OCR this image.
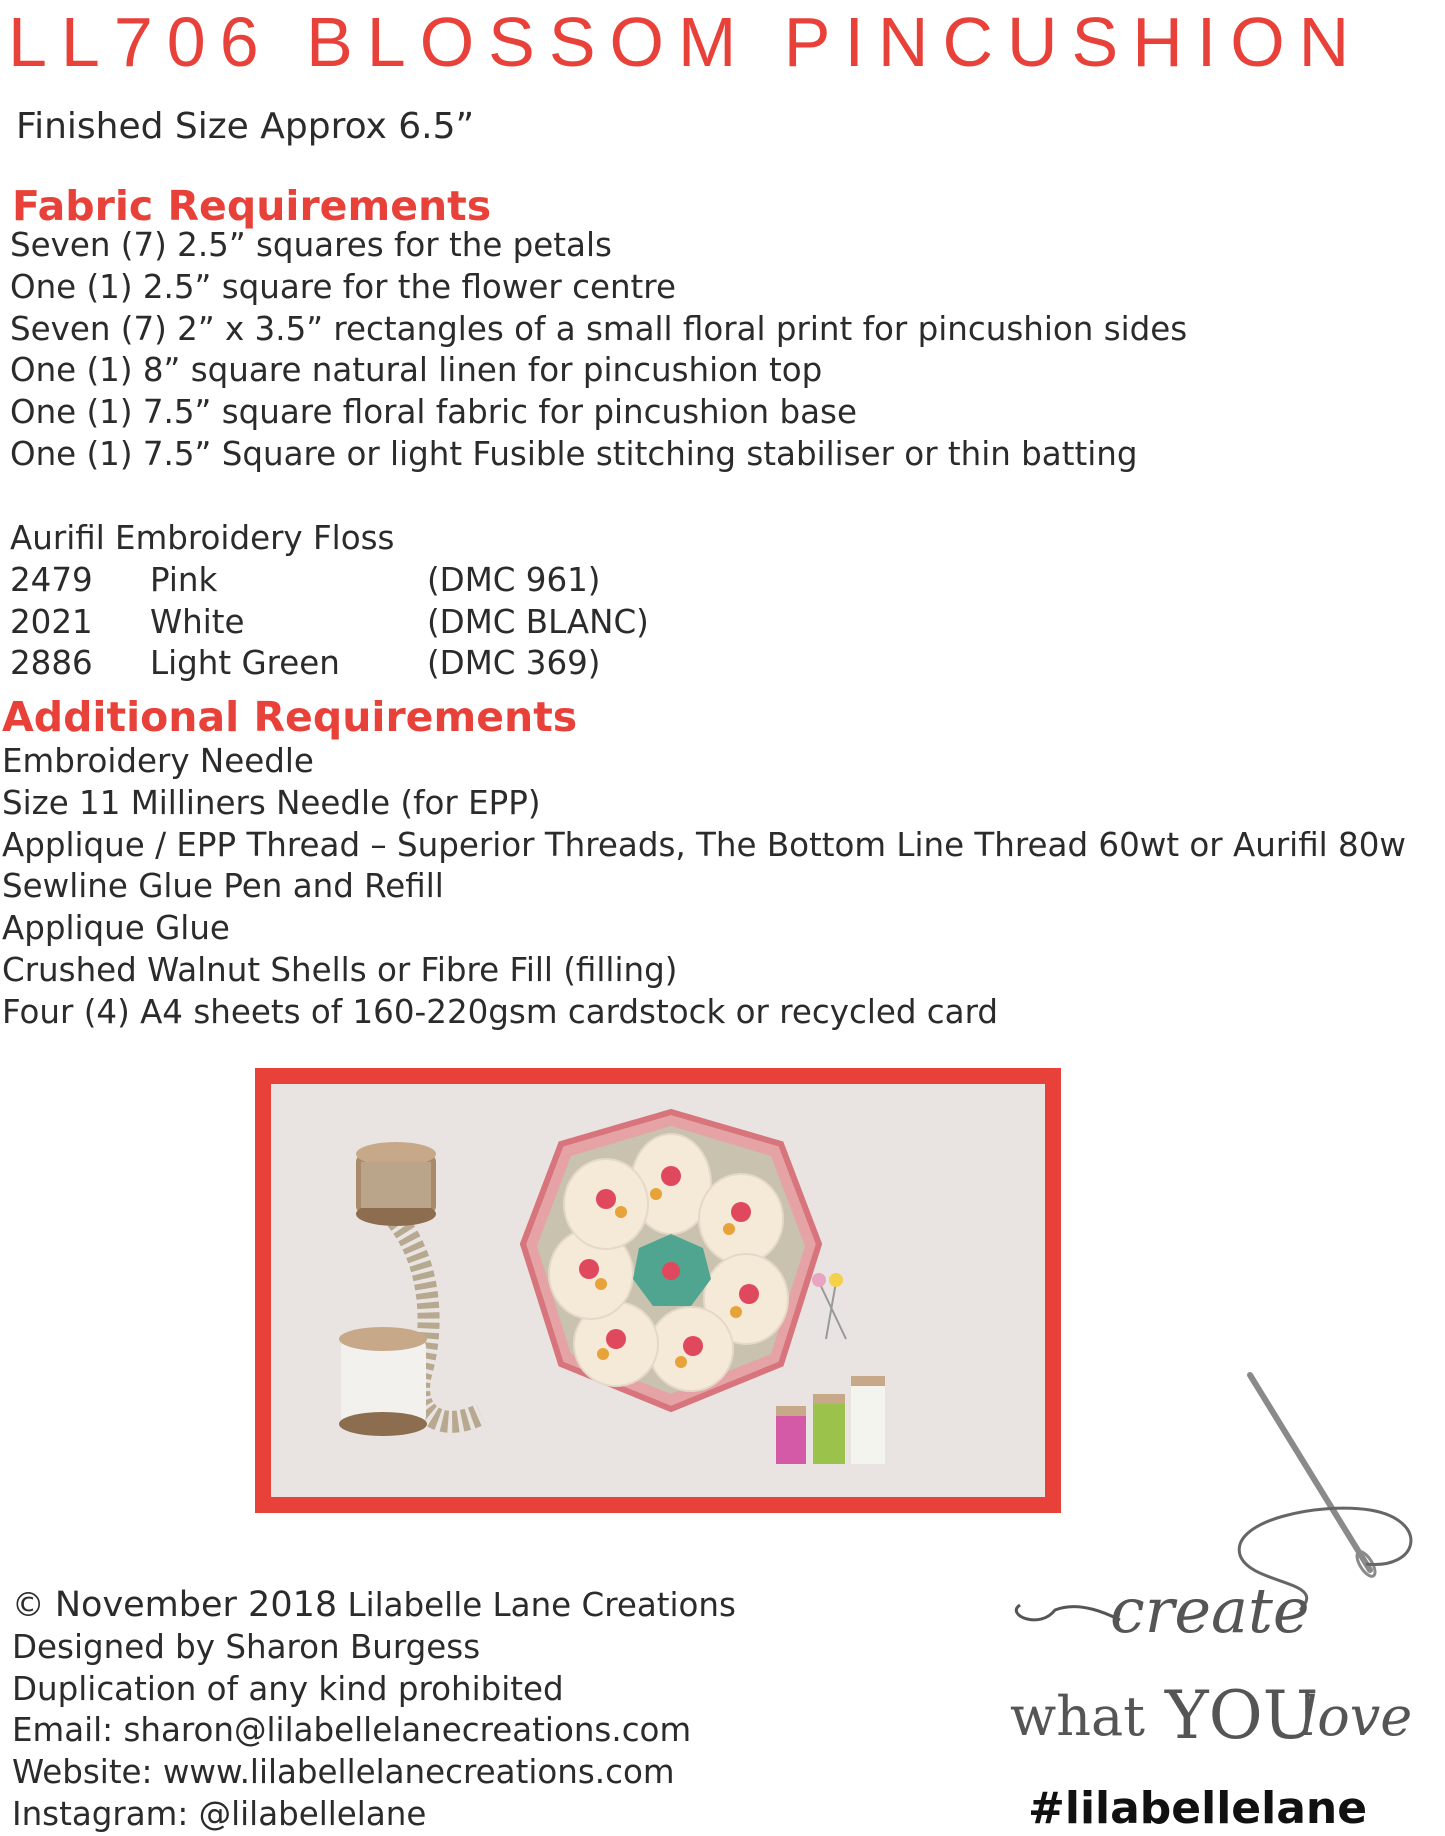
LL706 BLOSSOM PINCUSHION
Finished Size Approx 6.5”
Fabric Requirements
Seven (7) 2.5” squares for the petals
One (1) 2.5” square for the flower centre
Seven (7) 2” x 3.5” rectangles of a small floral print for pincushion sides
One (1) 8” square natural linen for pincushion top
One (1) 7.5” square floral fabric for pincushion base
One (1) 7.5” Square or light Fusible stitching stabiliser or thin batting
Aurifil Embroidery Floss
2479	Pink	(DMC 961)
2021	White	(DMC BLANC)
2886	Light Green	(DMC 369)
Additional Requirements
Embroidery Needle
Size 11 Milliners Needle (for EPP)
Applique / EPP Thread – Superior Threads, The Bottom Line Thread 60wt or Aurifil 80w
Sewline Glue Pen and Refill
Applique Glue
Crushed Walnut Shells or Fibre Fill (filling)
Four (4) A4 sheets of 160-220gsm cardstock or recycled card
© November 2018 Lilabelle Lane Creations
Designed by Sharon Burgess
Duplication of any kind prohibited
Email: sharon@lilabellelanecreations.com
Website: www.lilabellelanecreations.com
Instagram: @lilabellelane
create
what YOU
love
#lilabellelane
